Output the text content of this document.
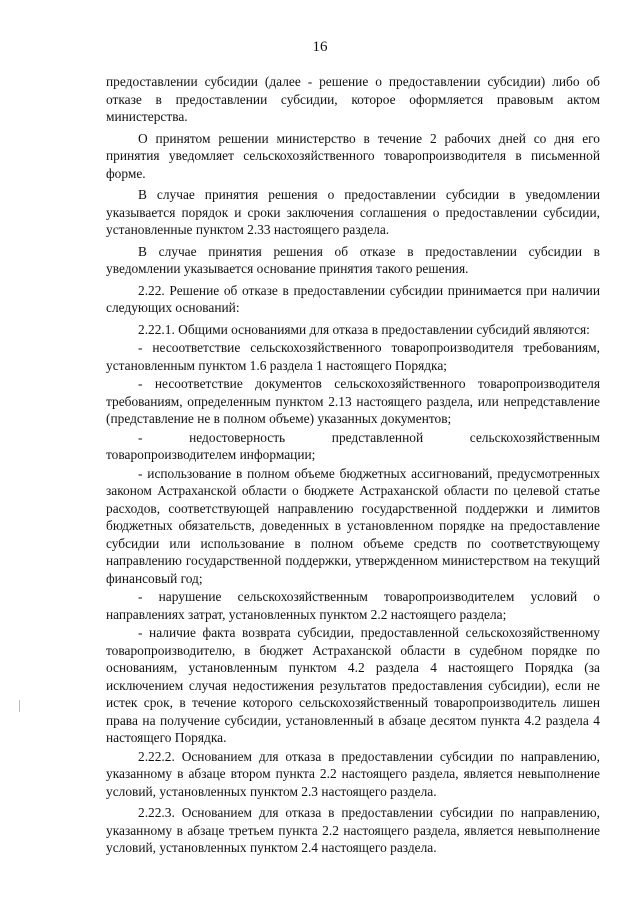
16

предоставлении субсидии (далее - решение о предоставлении субсидии) либо об отказе в предоставлении субсидии, которое оформляется правовым актом министерства.

О принятом решении министерство в течение 2 рабочих дней со дня его принятия уведомляет сельскохозяйственного товаропроизводителя в письменной форме.

В случае принятия решения о предоставлении субсидии в уведомлении указывается порядок и сроки заключения соглашения о предоставлении субсидии, установленные пунктом 2.33 настоящего раздела.

В случае принятия решения об отказе в предоставлении субсидии в уведомлении указывается основание принятия такого решения.

2.22. Решение об отказе в предоставлении субсидии принимается при наличии следующих оснований:

2.22.1. Общими основаниями для отказа в предоставлении субсидий являются:

- несоответствие сельскохозяйственного товаропроизводителя требованиям, установленным пунктом 1.6 раздела 1 настоящего Порядка;

- несоответствие документов сельскохозяйственного товаропроизводителя требованиям, определенным пунктом 2.13 настоящего раздела, или непредставление (представление не в полном объеме) указанных документов;

- недостоверность представленной сельскохозяйственным товаропроизводителем информации;

- использование в полном объеме бюджетных ассигнований, предусмотренных законом Астраханской области о бюджете Астраханской области по целевой статье расходов, соответствующей направлению государственной поддержки и лимитов бюджетных обязательств, доведенных в установленном порядке на предоставление субсидии или использование в полном объеме средств по соответствующему направлению государственной поддержки, утвержденном министерством на текущий финансовый год;

- нарушение сельскохозяйственным товаропроизводителем условий о направлениях затрат, установленных пунктом 2.2 настоящего раздела;

- наличие факта возврата субсидии, предоставленной сельскохозяйственному товаропроизводителю, в бюджет Астраханской области в судебном порядке по основаниям, установленным пунктом 4.2 раздела 4 настоящего Порядка (за исключением случая недостижения результатов предоставления субсидии), если не истек срок, в течение которого сельскохозяйственный товаропроизводитель лишен права на получение субсидии, установленный в абзаце десятом пункта 4.2 раздела 4 настоящего Порядка.

2.22.2. Основанием для отказа в предоставлении субсидии по направлению, указанному в абзаце втором пункта 2.2 настоящего раздела, является невыполнение условий, установленных пунктом 2.3 настоящего раздела.

2.22.3. Основанием для отказа в предоставлении субсидии по направлению, указанному в абзаце третьем пункта 2.2 настоящего раздела, является невыполнение условий, установленных пунктом 2.4 настоящего раздела.
